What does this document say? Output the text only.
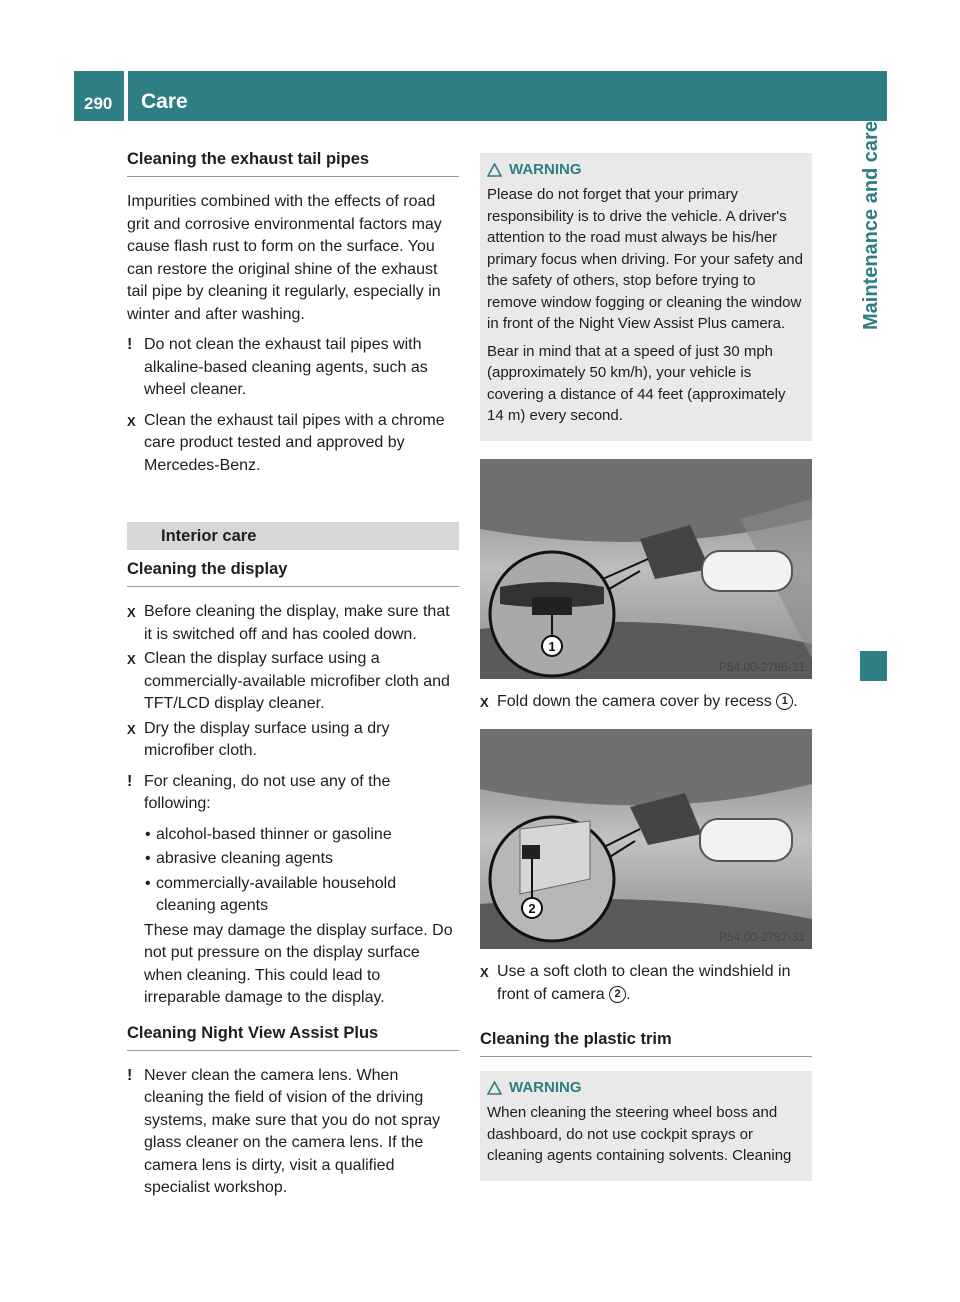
290 Care
Maintenance and care
Cleaning the exhaust tail pipes
Impurities combined with the effects of road grit and corrosive environmental factors may cause flash rust to form on the surface. You can restore the original shine of the exhaust tail pipe by cleaning it regularly, especially in winter and after washing.
! Do not clean the exhaust tail pipes with alkaline-based cleaning agents, such as wheel cleaner.
X Clean the exhaust tail pipes with a chrome care product tested and approved by Mercedes-Benz.
Interior care
Cleaning the display
X Before cleaning the display, make sure that it is switched off and has cooled down.
X Clean the display surface using a commercially-available microfiber cloth and TFT/LCD display cleaner.
X Dry the display surface using a dry microfiber cloth.
! For cleaning, do not use any of the following:
• alcohol-based thinner or gasoline
• abrasive cleaning agents
• commercially-available household cleaning agents
These may damage the display surface. Do not put pressure on the display surface when cleaning. This could lead to irreparable damage to the display.
Cleaning Night View Assist Plus
! Never clean the camera lens. When cleaning the field of vision of the driving systems, make sure that you do not spray glass cleaner on the camera lens. If the camera lens is dirty, visit a qualified specialist workshop.
WARNING
Please do not forget that your primary responsibility is to drive the vehicle. A driver's attention to the road must always be his/her primary focus when driving. For your safety and the safety of others, stop before trying to remove window fogging or cleaning the window in front of the Night View Assist Plus camera.
Bear in mind that at a speed of just 30 mph (approximately 50 km/h), your vehicle is covering a distance of 44 feet (approximately 14 m) every second.
1
P54.00-2786-31
X Fold down the camera cover by recess 1 .
2
P54.00-2787-31
X Use a soft cloth to clean the windshield in front of camera 2 .
Cleaning the plastic trim
WARNING
When cleaning the steering wheel boss and dashboard, do not use cockpit sprays or cleaning agents containing solvents. Cleaning
